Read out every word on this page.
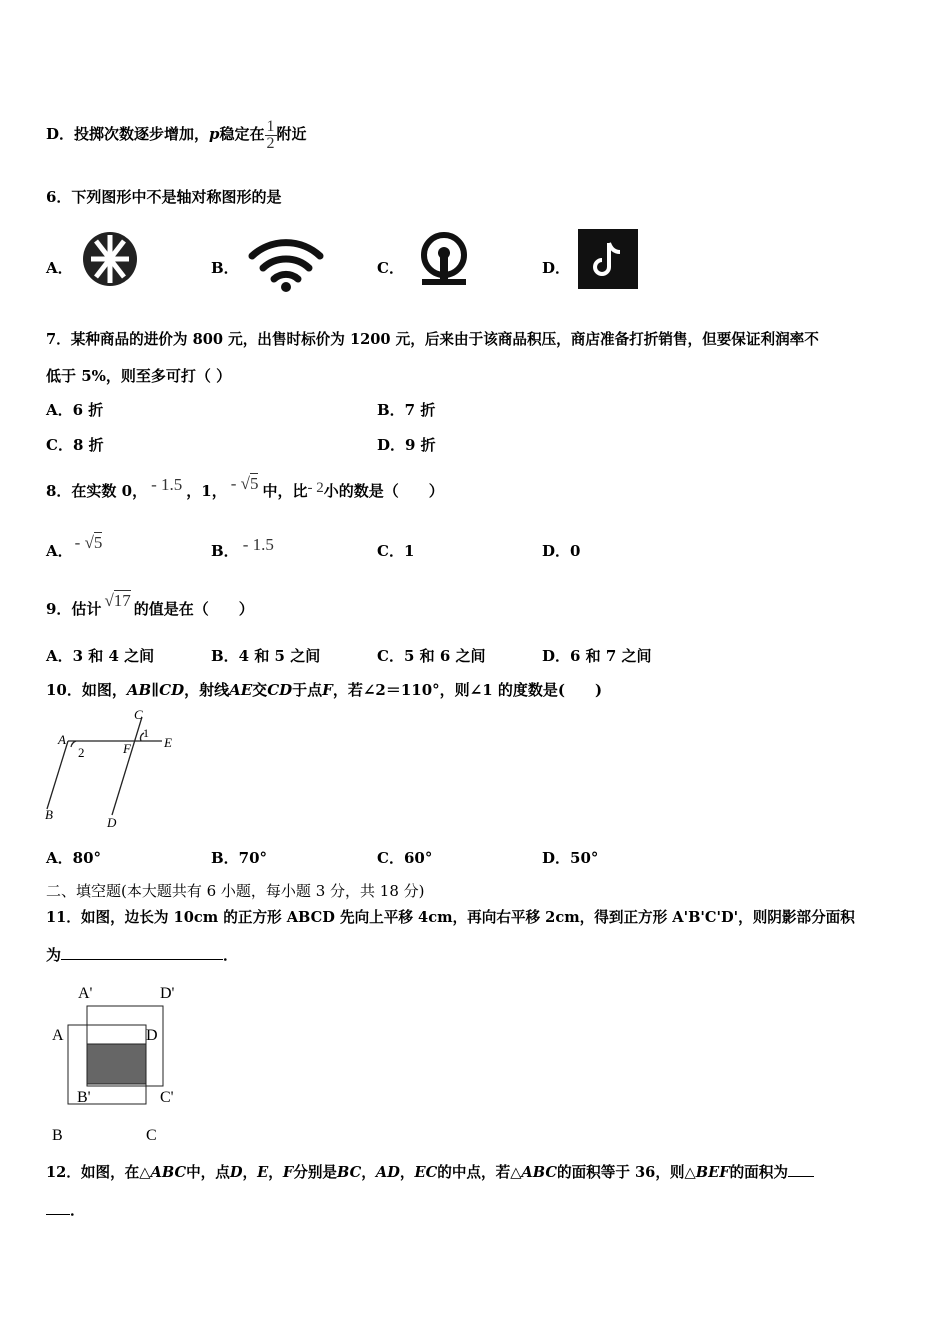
D．投掷次数逐步增加，p稳定在 $\frac{1}{2}$ 附近
6．下列图形中不是轴对称图形的是
A．	B．	C．	D．
7．某种商品的进价为 800 元，出售时标价为 1200 元，后来由于该商品积压，商店准备打折销售，但要保证利润率不
低于 5%，则至多可打（ ）
A．6 折	B．7 折
C．8 折	D．9 折
8．在实数 0， - 1.5 ，1， - √5 中，比- 2小的数是（　　）
A． - √5	B． - 1.5	C．1	D．0
9．估计 √17 的值是在（　　）
A．3 和 4 之间	B．4 和 5 之间	C．5 和 6 之间	D．6 和 7 之间
10．如图，AB∥CD，射线AE交CD于点F，若∠2＝110°，则∠1 的度数是(　　)
A
2
C
1
F	E
B
D
A．80°	B．70°	C．60°	D．50°
二、填空题(本大题共有 6 小题，每小题 3 分，共 18 分)
11．如图，边长为 10cm 的正方形 ABCD 先向上平移 4cm，再向右平移 2cm，得到正方形 A'B'C'D'，则阴影部分面积
为	．
A'	D'
A	D
B'	C'
B	C
12．如图，在△ABC中，点D，E，F分别是BC，AD，EC的中点，若△ABC的面积等于 36，则△BEF的面积为
．
